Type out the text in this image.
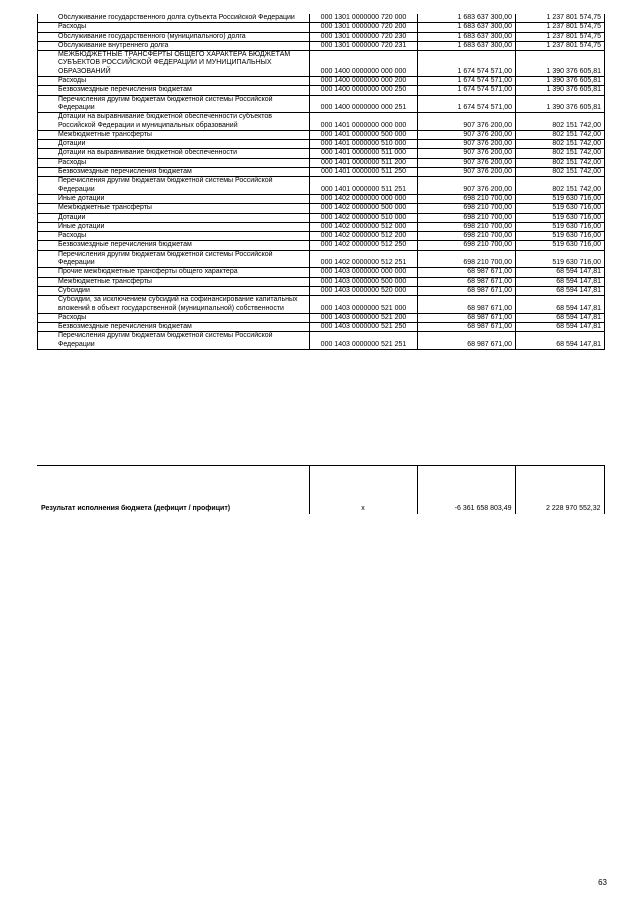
Обслуживание государственного долга субъекта Российской Федерации	000 1301 0000000 720 000	1 683 637 300,00	1 237 801 574,75
Расходы	000 1301 0000000 720 200	1 683 637 300,00	1 237 801 574,75
Обслуживание государственного (муниципального) долга	000 1301 0000000 720 230	1 683 637 300,00	1 237 801 574,75
Обслуживание внутреннего долга	000 1301 0000000 720 231	1 683 637 300,00	1 237 801 574,75
МЕЖБЮДЖЕТНЫЕ ТРАНСФЕРТЫ ОБЩЕГО ХАРАКТЕРА БЮДЖЕТАМ СУБЪЕКТОВ РОССИЙСКОЙ ФЕДЕРАЦИИ И МУНИЦИПАЛЬНЫХ ОБРАЗОВАНИЙ	000 1400 0000000 000 000	1 674 574 571,00	1 390 376 605,81
Расходы	000 1400 0000000 000 200	1 674 574 571,00	1 390 376 605,81
Безвозмездные перечисления бюджетам	000 1400 0000000 000 250	1 674 574 571,00	1 390 376 605,81
Перечисления другим бюджетам бюджетной системы Российской Федерации	000 1400 0000000 000 251	1 674 574 571,00	1 390 376 605,81
Дотации на выравнивание бюджетной обеспеченности субъектов Российской Федерации и муниципальных образований	000 1401 0000000 000 000	907 376 200,00	802 151 742,00
Межбюджетные трансферты	000 1401 0000000 500 000	907 376 200,00	802 151 742,00
Дотации	000 1401 0000000 510 000	907 376 200,00	802 151 742,00
Дотации на выравнивание бюджетной обеспеченности	000 1401 0000000 511 000	907 376 200,00	802 151 742,00
Расходы	000 1401 0000000 511 200	907 376 200,00	802 151 742,00
Безвозмездные перечисления бюджетам	000 1401 0000000 511 250	907 376 200,00	802 151 742,00
Перечисления другим бюджетам бюджетной системы Российской Федерации	000 1401 0000000 511 251	907 376 200,00	802 151 742,00
Иные дотации	000 1402 0000000 000 000	698 210 700,00	519 630 716,00
Межбюджетные трансферты	000 1402 0000000 500 000	698 210 700,00	519 630 716,00
Дотации	000 1402 0000000 510 000	698 210 700,00	519 630 716,00
Иные дотации	000 1402 0000000 512 000	698 210 700,00	519 630 716,00
Расходы	000 1402 0000000 512 200	698 210 700,00	519 630 716,00
Безвозмездные перечисления бюджетам	000 1402 0000000 512 250	698 210 700,00	519 630 716,00
Перечисления другим бюджетам бюджетной системы Российской Федерации	000 1402 0000000 512 251	698 210 700,00	519 630 716,00
Прочие межбюджетные трансферты общего характера	000 1403 0000000 000 000	68 987 671,00	68 594 147,81
Межбюджетные трансферты	000 1403 0000000 500 000	68 987 671,00	68 594 147,81
Субсидии	000 1403 0000000 520 000	68 987 671,00	68 594 147,81
Субсидии, за исключением субсидий на софинансирование капитальных вложений в объект государственной (муниципальной) собственности	000 1403 0000000 521 000	68 987 671,00	68 594 147,81
Расходы	000 1403 0000000 521 200	68 987 671,00	68 594 147,81
Безвозмездные перечисления бюджетам	000 1403 0000000 521 250	68 987 671,00	68 594 147,81
Перечисления другим бюджетам бюджетной системы Российской Федерации	000 1403 0000000 521 251	68 987 671,00	68 594 147,81
Результат исполнения бюджета (дефицит / профицит)	x	-6 361 658 803,49	2 228 970 552,32
63
